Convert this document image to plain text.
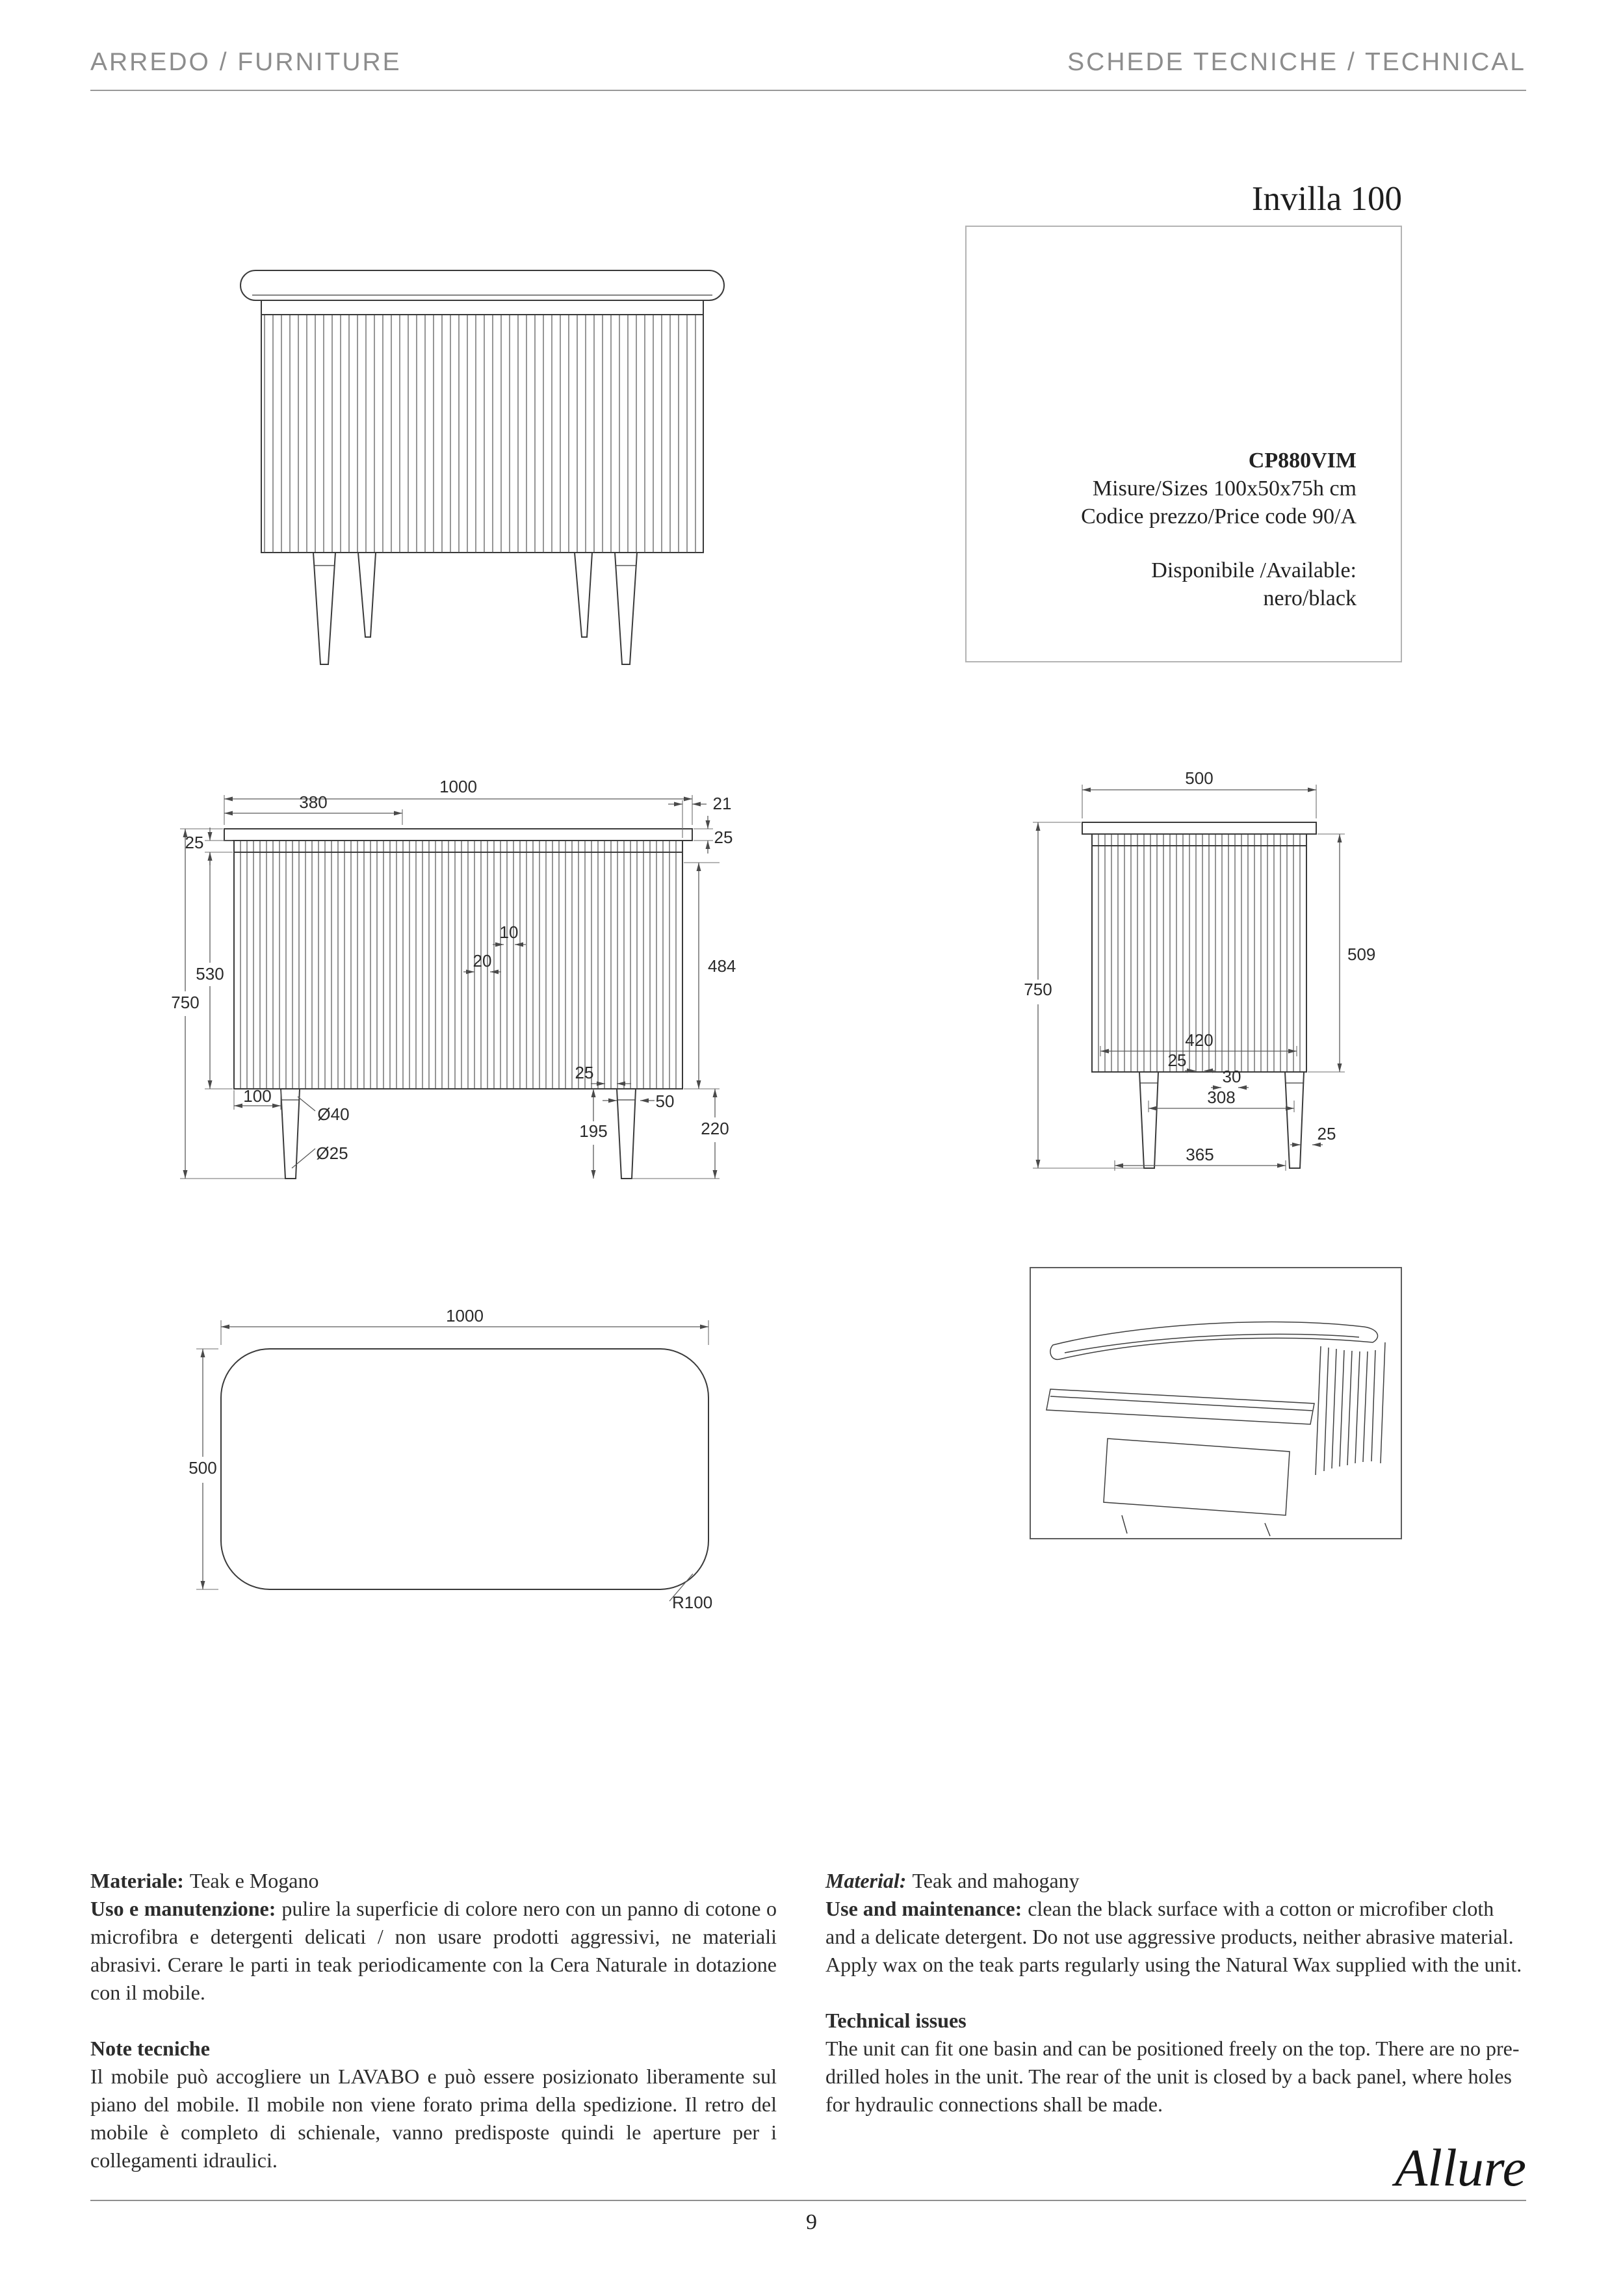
ARREDO / FURNITURE	SCHEDE TECNICHE / TECHNICAL
Invilla 100
CP880VIM
Misure/Sizes 100x50x75h cm
Codice prezzo/Price code 90/A
Disponibile /Available:
nero/black
1000
380	21
25
25
530
750
484
10
20
100
Ø40
Ø25
25
50
195	220
500
509
750
420
25
30
308
25
365
1000
500
R100

Materiale: Teak e Mogano

Uso e manutenzione: pulire la superficie di colore nero con un panno di cotone o microfibra e detergenti delicati / non usare prodotti aggressivi, ne materiali abrasivi. Cerare le parti in teak periodicamente con la Cera Naturale in dotazione con il mobile.

Note tecniche

Il mobile può accogliere un LAVABO e può essere posizionato liberamente sul piano del mobile. Il mobile non viene forato prima della spedizione. Il retro del mobile è completo di schienale, vanno predisposte quindi le aperture per i collegamenti idraulici.

Material: Teak and mahogany

Use and maintenance: clean the black surface with a cotton or microfiber cloth and a delicate detergent. Do not use aggressive products, neither abrasive material. Apply wax on the teak parts regularly using the Natural Wax supplied with the unit.

Technical issues

The unit can fit one basin and can be positioned freely on the top. There are no pre-drilled holes in the unit. The rear of the unit is closed by a back panel, where holes for hydraulic connections shall be made.

Allure
9
